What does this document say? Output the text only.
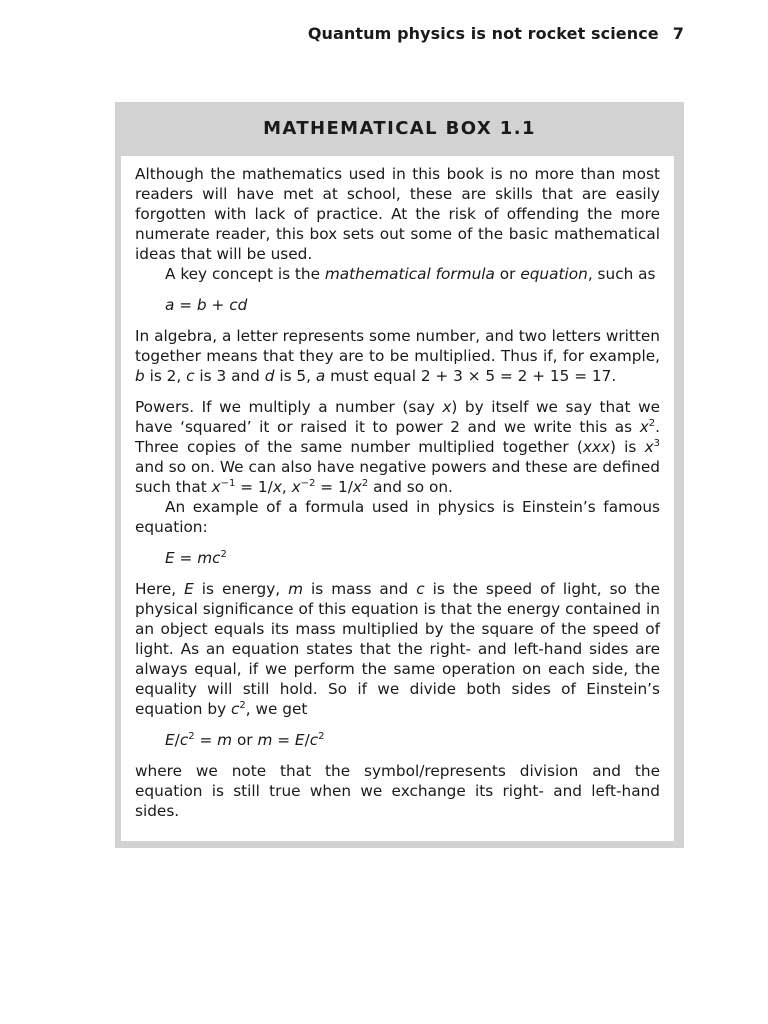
Quantum physics is not rocket science 7
MATHEMATICAL BOX 1.1

Although the mathematics used in this book is no more than most readers will have met at school, these are skills that are easily forgotten with lack of practice. At the risk of offending the more numerate reader, this box sets out some of the basic mathematical ideas that will be used.

A key concept is the mathematical formula or equation, such as

a = b + cd

In algebra, a letter represents some number, and two letters written together means that they are to be multiplied. Thus if, for example, b is 2, c is 3 and d is 5, a must equal 2 + 3 × 5 = 2 + 15 = 17.

Powers. If we multiply a number (say x) by itself we say that we have ‘squared’ it or raised it to power 2 and we write this as $x^2$. Three copies of the same number multiplied together (xxx) is $x^3$ and so on. We can also have negative powers and these are defined such that $x^{-1} = 1/x$, $x^{-2} = 1/x^2$ and so on.

An example of a formula used in physics is Einstein’s famous equation:

$E = mc^2$

Here, E is energy, m is mass and c is the speed of light, so the physical significance of this equation is that the energy contained in an object equals its mass multiplied by the square of the speed of light. As an equation states that the right- and left-hand sides are always equal, if we perform the same operation on each side, the equality will still hold. So if we divide both sides of Einstein’s equation by $c^2$, we get

$E/c^2 = m$ or $m = E/c^2$

where we note that the symbol/represents division and the equation is still true when we exchange its right- and left-hand sides.
